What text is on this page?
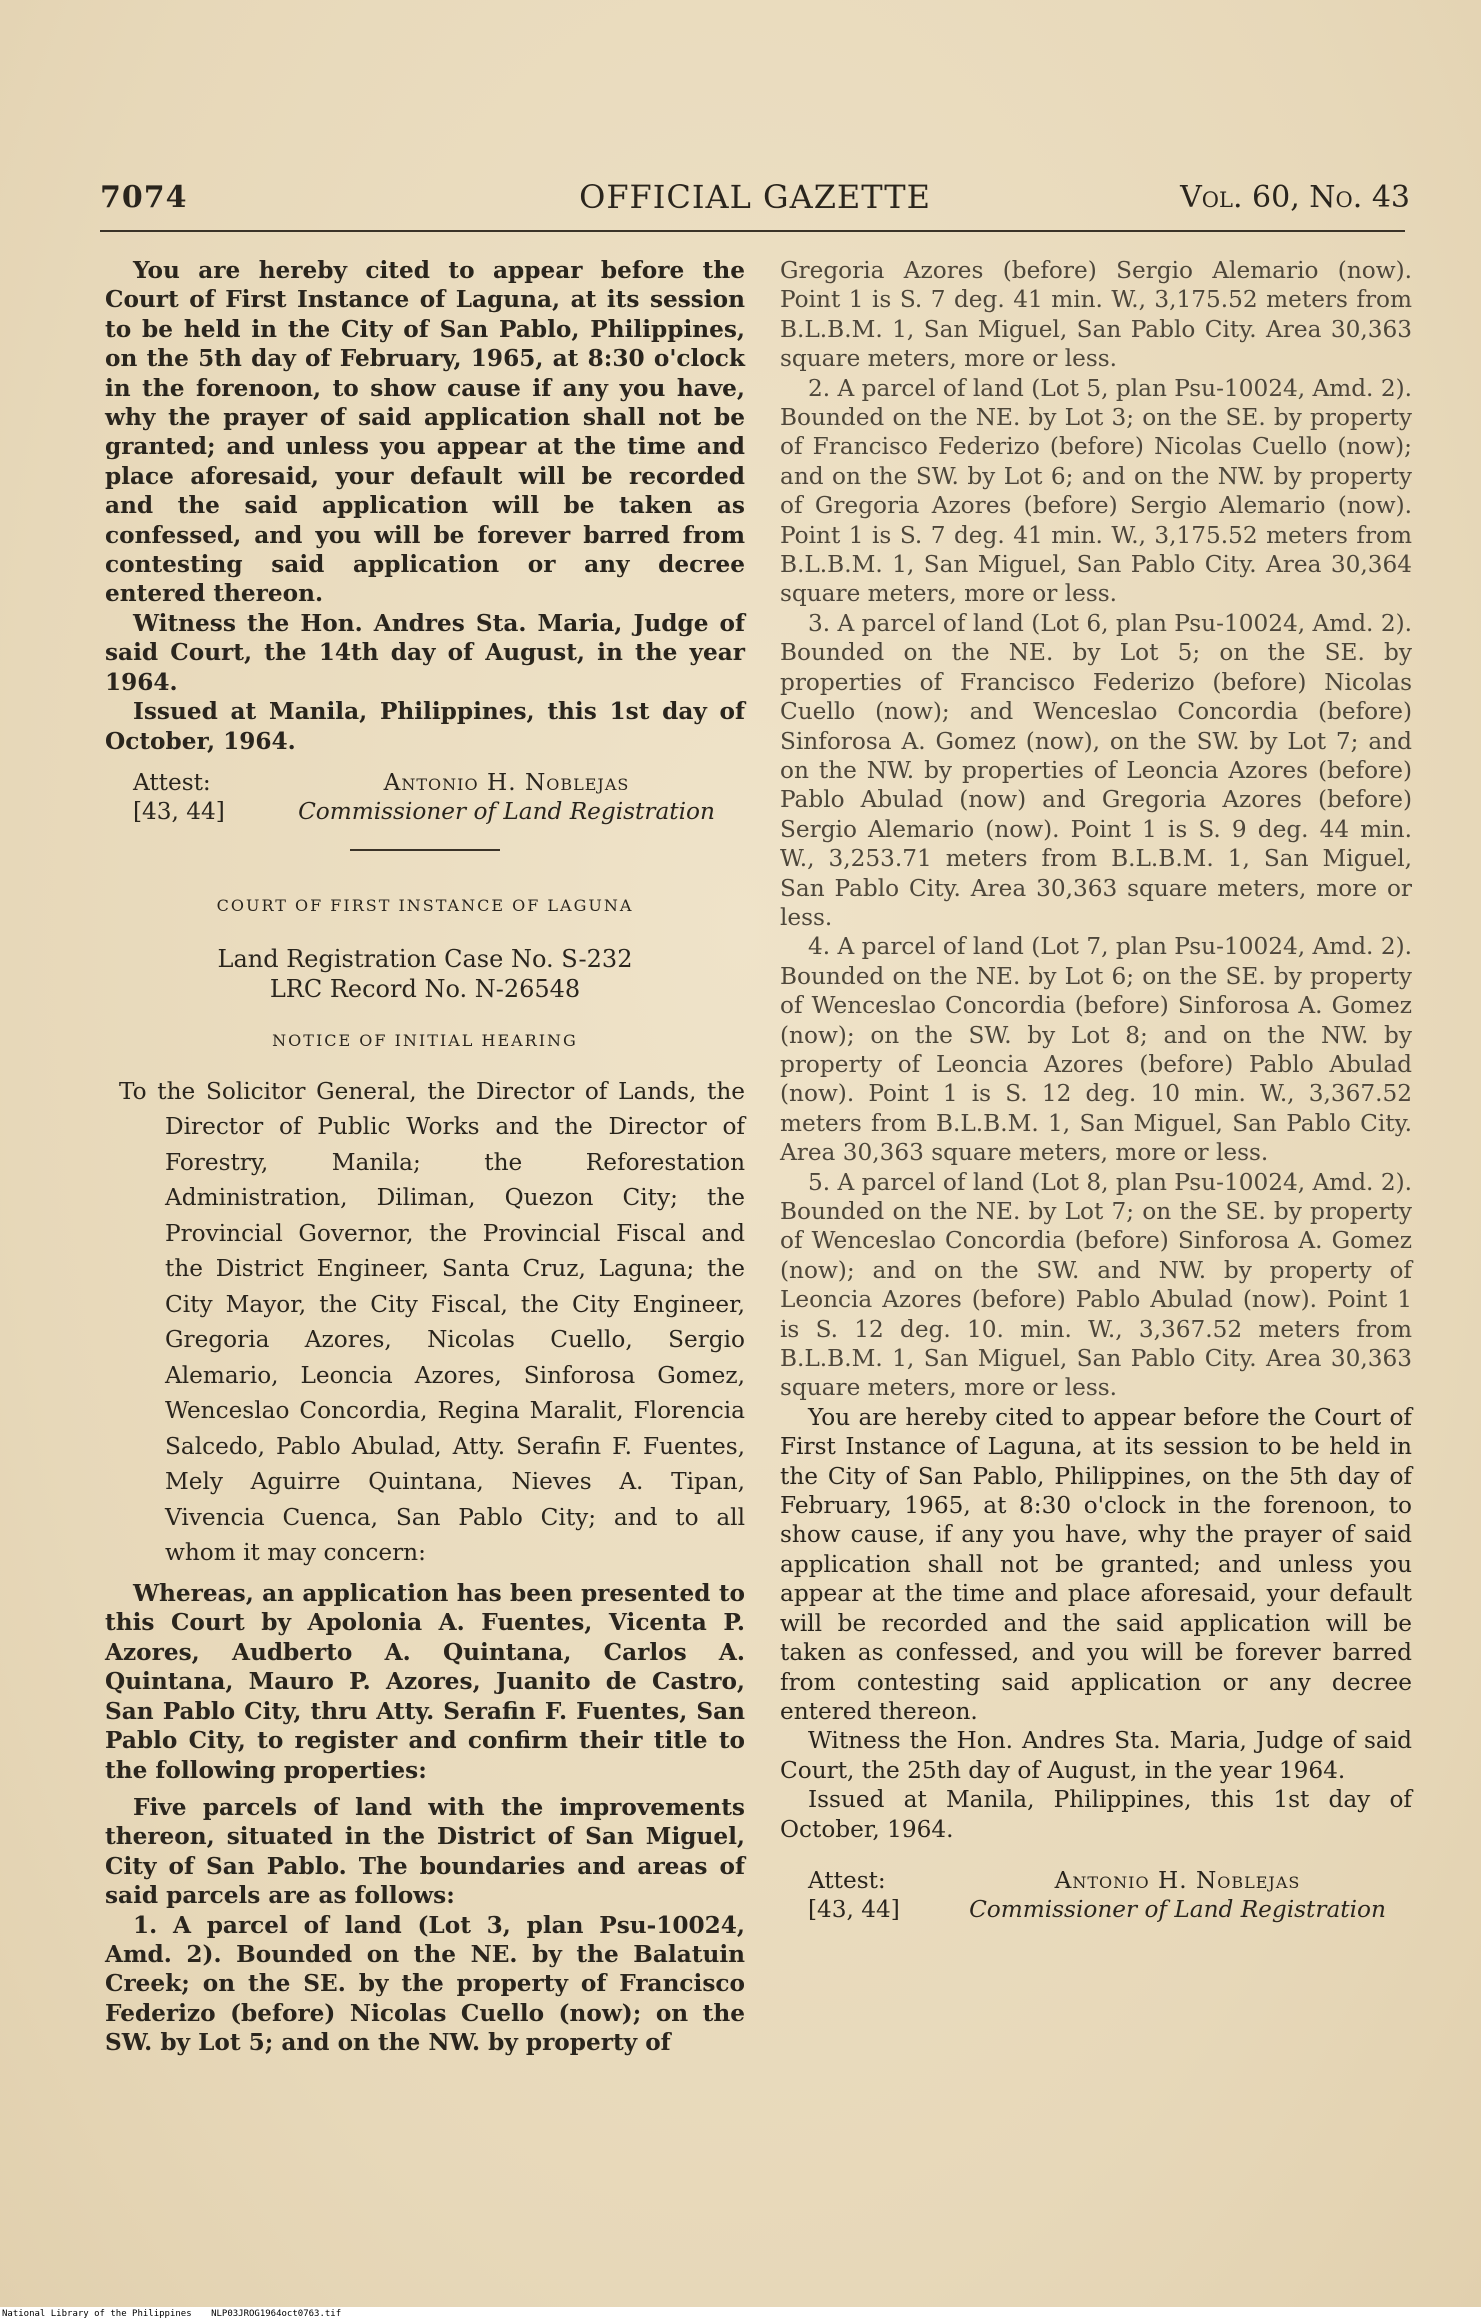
7074	OFFICIAL GAZETTE	Vol. 60, No. 43

You are hereby cited to appear before the Court of First Instance of Laguna, at its session to be held in the City of San Pablo, Philippines, on the 5th day of February, 1965, at 8:30 o'clock in the forenoon, to show cause if any you have, why the prayer of said application shall not be granted; and unless you appear at the time and place aforesaid, your default will be recorded and the said application will be taken as confessed, and you will be forever barred from contesting said application or any decree entered thereon.

Witness the Hon. Andres Sta. Maria, Judge of said Court, the 14th day of August, in the year 1964.

Issued at Manila, Philippines, this 1st day of October, 1964.

Attest:	Antonio H. Noblejas
[43, 44]	Commissioner of Land Registration
COURT OF FIRST INSTANCE OF LAGUNA
Land Registration Case No. S-232
LRC Record No. N-26548
NOTICE OF INITIAL HEARING

To the Solicitor General, the Director of Lands, the Director of Public Works and the Director of Forestry, Manila; the Reforestation Administration, Diliman, Quezon City; the Provincial Governor, the Provincial Fiscal and the District Engineer, Santa Cruz, Laguna; the City Mayor, the City Fiscal, the City Engineer, Gregoria Azores, Nicolas Cuello, Sergio Alemario, Leoncia Azores, Sinforosa Gomez, Wenceslao Concordia, Regina Maralit, Florencia Salcedo, Pablo Abulad, Atty. Serafin F. Fuentes, Mely Aguirre Quintana, Nieves A. Tipan, Vivencia Cuenca, San Pablo City; and to all whom it may concern:

Whereas, an application has been presented to this Court by Apolonia A. Fuentes, Vicenta P. Azores, Audberto A. Quintana, Carlos A. Quintana, Mauro P. Azores, Juanito de Castro, San Pablo City, thru Atty. Serafin F. Fuentes, San Pablo City, to register and confirm their title to the following properties:

Five parcels of land with the improvements thereon, situated in the District of San Miguel, City of San Pablo. The boundaries and areas of said parcels are as follows:

1. A parcel of land (Lot 3, plan Psu-10024, Amd. 2). Bounded on the NE. by the Balatuin Creek; on the SE. by the property of Francisco Federizo (before) Nicolas Cuello (now); on the SW. by Lot 5; and on the NW. by property of

Gregoria Azores (before) Sergio Alemario (now). Point 1 is S. 7 deg. 41 min. W., 3,175.52 meters from B.L.B.M. 1, San Miguel, San Pablo City. Area 30,363 square meters, more or less.

2. A parcel of land (Lot 5, plan Psu-10024, Amd. 2). Bounded on the NE. by Lot 3; on the SE. by property of Francisco Federizo (before) Nicolas Cuello (now); and on the SW. by Lot 6; and on the NW. by property of Gregoria Azores (before) Sergio Alemario (now). Point 1 is S. 7 deg. 41 min. W., 3,175.52 meters from B.L.B.M. 1, San Miguel, San Pablo City. Area 30,364 square meters, more or less.

3. A parcel of land (Lot 6, plan Psu-10024, Amd. 2). Bounded on the NE. by Lot 5; on the SE. by properties of Francisco Federizo (before) Nicolas Cuello (now); and Wenceslao Concordia (before) Sinforosa A. Gomez (now), on the SW. by Lot 7; and on the NW. by properties of Leoncia Azores (before) Pablo Abulad (now) and Gregoria Azores (before) Sergio Alemario (now). Point 1 is S. 9 deg. 44 min. W., 3,253.71 meters from B.L.B.M. 1, San Miguel, San Pablo City. Area 30,363 square meters, more or less.

4. A parcel of land (Lot 7, plan Psu-10024, Amd. 2). Bounded on the NE. by Lot 6; on the SE. by property of Wenceslao Concordia (before) Sinforosa A. Gomez (now); on the SW. by Lot 8; and on the NW. by property of Leoncia Azores (before) Pablo Abulad (now). Point 1 is S. 12 deg. 10 min. W., 3,367.52 meters from B.L.B.M. 1, San Miguel, San Pablo City. Area 30,363 square meters, more or less.

5. A parcel of land (Lot 8, plan Psu-10024, Amd. 2). Bounded on the NE. by Lot 7; on the SE. by property of Wenceslao Concordia (before) Sinforosa A. Gomez (now); and on the SW. and NW. by property of Leoncia Azores (before) Pablo Abulad (now). Point 1 is S. 12 deg. 10. min. W., 3,367.52 meters from B.L.B.M. 1, San Miguel, San Pablo City. Area 30,363 square meters, more or less.

You are hereby cited to appear before the Court of First Instance of Laguna, at its session to be held in the City of San Pablo, Philippines, on the 5th day of February, 1965, at 8:30 o'clock in the forenoon, to show cause, if any you have, why the prayer of said application shall not be granted; and unless you appear at the time and place aforesaid, your default will be recorded and the said application will be taken as confessed, and you will be forever barred from contesting said application or any decree entered thereon.

Witness the Hon. Andres Sta. Maria, Judge of said Court, the 25th day of August, in the year 1964.

Issued at Manila, Philippines, this 1st day of October, 1964.

Attest:	Antonio H. Noblejas
[43, 44]	Commissioner of Land Registration
National Library of the Philippines NLP03JROG1964oct0763.tif
